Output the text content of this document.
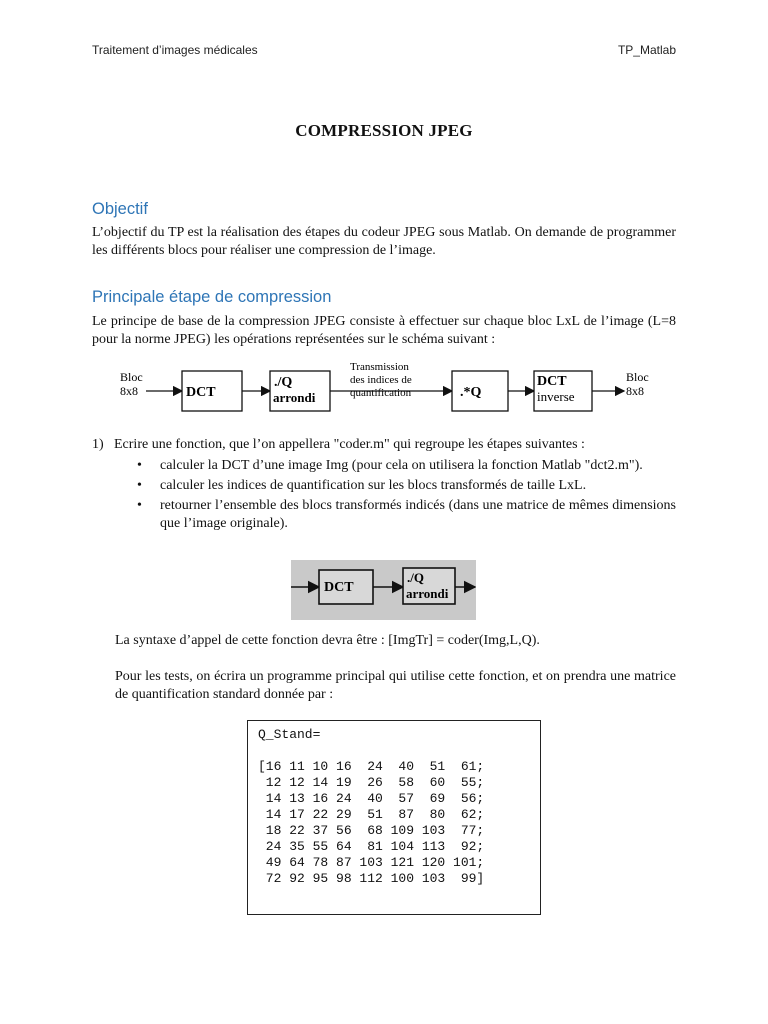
Traitement d’images médicales	TP_Matlab
COMPRESSION JPEG
Objectif

L’objectif du TP est la réalisation des étapes du codeur JPEG sous Matlab. On demande de programmer les différents blocs pour réaliser une compression de l’image.

Principale étape de compression

Le principe de base de la compression JPEG consiste à effectuer sur chaque bloc LxL de l’image (L=8 pour la norme JPEG) les opérations représentées sur le schéma suivant :

Bloc
8x8	DCT
./Q
arrondi
Transmission
des indices de
quantification	.*Q
DCT
inverse
Bloc
8x8
1) Ecrire une fonction, que l’on appellera "coder.m" qui regroupe les étapes suivantes :
• calculer la DCT d’une image Img (pour cela on utilisera la fonction Matlab "dct2.m").
• calculer les indices de quantification sur les blocs transformés de taille LxL.
• retourner l’ensemble des blocs transformés indicés (dans une matrice de mêmes dimensions que l’image originale).
DCT
./Q
arrondi
La syntaxe d’appel de cette fonction devra être : [ImgTr] = coder(Img,L,Q).
Pour les tests, on écrira un programme principal qui utilise cette fonction, et on prendra une matrice de quantification standard donnée par :
Q_Stand=

[16 11 10 16  24  40  51  61;
12 12 14 19  26  58  60  55;
14 13 16 24  40  57  69  56;
14 17 22 29  51  87  80  62;
18 22 37 56  68 109 103  77;
24 35 55 64  81 104 113  92;
49 64 78 87 103 121 120 101;
72 92 95 98 112 100 103  99]
